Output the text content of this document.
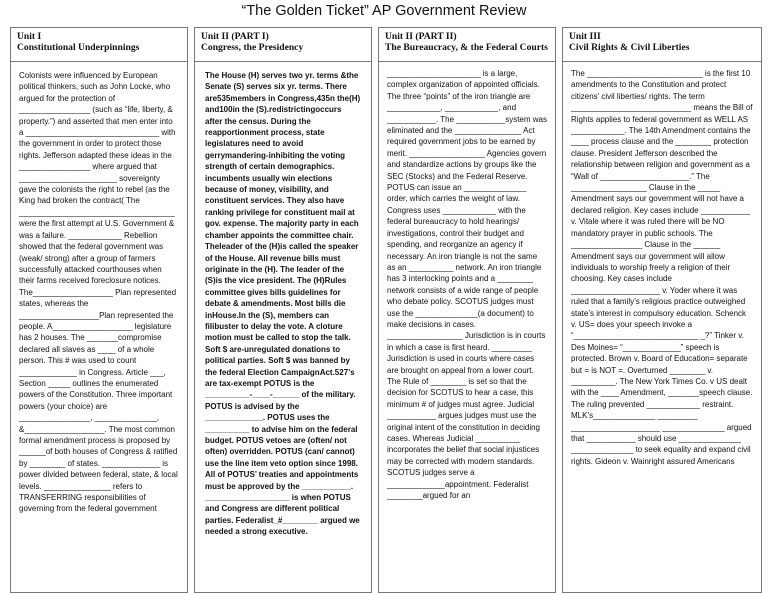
“The Golden Ticket” AP Government Review
Unit I
Constitutional Underpinnings
Colonists were influenced by European political thinkers, such as John Locke, who argued for the protection of ________________ (such as “life, liberty, & property.”) and asserted that men enter into a ______________________________ with the government in order to protect those rights. Jefferson adapted these ideas in the ________________ where argued that ______________________ sovereignty gave the colonists the right to rebel (as the King had broken the contract( The ___________________________________ were the first attempt at U.S. Government & was a failure. ____________ Rebellion showed that the federal government was (weak/ strong) after a group of farmers successfully attacked courthouses when their farms received foreclosure notices. The__________________ Plan represented states, whereas the __________________Plan represented the people. A__________________ legislature has 2 houses. The _______compromise declared all slaves as ____ of a whole person. This # was used to count _____________ in Congress. Article ___, Section _____ outlines the enumerated powers of the Constitution. Three important powers (your choice) are ________________, ______________, &__________________. The most common formal amendment process is proposed by ______of both houses of Congress & ratified by ________ of states. _____________ is power divided between federal, state, & local levels. _______________ refers to TRANSFERRING responsibilities of governing from the federal government
Unit II (PART I)
Congress, the Presidency
The House (H) serves two yr. terms &the Senate (S) serves six yr. terms. There are535members in Congress,435n the(H) and100in the (S).redistrictingoccurs after the census. During the reapportionment process, state legislatures need to avoid gerrymandering-inhibiting the voting strength of certain demographics. incumbents usually win elections because of money, visibility, and constituent services. They also have ranking privilege for constituent mail at gov. expense. The majority party in each chamber appoints the committee chair. Theleader of the (H)is called the speaker of the House. All revenue bills must originate in the (H). The leader of the (S)is the vice president. The (H)Rules committee gives bills guidelines for debate & amendments. Most bills die inHouse.In the (S), members can filibuster to delay the vote. A cloture motion must be called to stop the talk. Soft $ are-unregulated donations to political parties. Soft $ was banned by the federal Election CampaignAct.527’s are tax-exempt POTUS is the __________-____-______ of the military. POTUS is advised by the _____________. POTUS uses the __________ to advise him on the federal budget. POTUS vetoes are (often/ not often) overridden. POTUS (can/ cannot) use the line item veto option since 1998. All of POTUS’ treaties and appointments must be approved by the ___________. ___________________ is when POTUS and Congress are different political parties. Federalist_#________ argued we needed a strong executive.
Unit II (PART II)
The Bureaucracy, & the Federal Courts
_____________________ is a large, complex organization of appointed officials. The three “points” of the iron triangle are ____________, ____________, and ___________. The ___________system was eliminated and the _______________ Act required government jobs to be earned by merit. _________________ Agencies govern and standardize actions by groups like the SEC (Stocks) and the Federal Reserve. POTUS can issue an ______________ order, which carries the weight of law. Congress uses ____________ with the federal bureaucracy to hold hearings/ investigations, control their budget and spending, and reorganize an agency if necessary. An iron triangle is not the same as an __________ network. An iron triangle has 3 interlocking points and a ________ network consists of a wide range of people who debate policy. SCOTUS judges must use the ______________(a document) to make decisions in cases. _________________ Jurisdiction is in courts in which a case is first heard. _________ Jurisdiction is used in courts where cases are brought on appeal from a lower court. The Rule of ________ is set so that the decision for SCOTUS to hear a case, this minimum # of judges must agree. Judicial ___________ argues judges must use the original intent of the constitution in deciding cases. Whereas Judicial __________ incorporates the belief that social injustices may be corrected with modern standards. SCOTUS judges serve a _____________appointment. Federalist ________argued for an
Unit III
Civil Rights & Civil Liberties
The __________________________ is the first 10 amendments to the Constitution and protect citizens’ civil liberties/ rights. The term ___________________________ means the Bill of Rights applies to federal government as WELL AS ____________. The 14th Amendment contains the ____ process clause and the ________ protection clause. President Jefferson described the relationship between religion and government as a “Wall of ____________________.” The _________________ Clause in the _____ Amendment says our government will not have a declared religion. Key cases include ___________ v. Vitale where it was ruled there will be NO mandatory prayer in public schools. The ________________ Clause in the ______ Amendment says our government will allow individuals to worship freely a religion of their choosing. Key cases include ____________________ v. Yoder where it was ruled that a family’s religious practice outweighed state’s interest in compulsory education. Schenck v. US= does your speech invoke a “____________________________ _?” Tinker v. Des Moines= “_____________” speech is protected. Brown v. Board of Education= separate but = is NOT =. Overturned ________ v. __________. The New York Times Co. v US dealt with the ____ Amendment, _______speech clause. The ruling prevented ____________ restraint. MLK’s______________ _________ ____________________ ______________ argued that ___________ should use ______________ ______________ to seek equality and expand civil rights. Gideon v. Wainright assured Americans
